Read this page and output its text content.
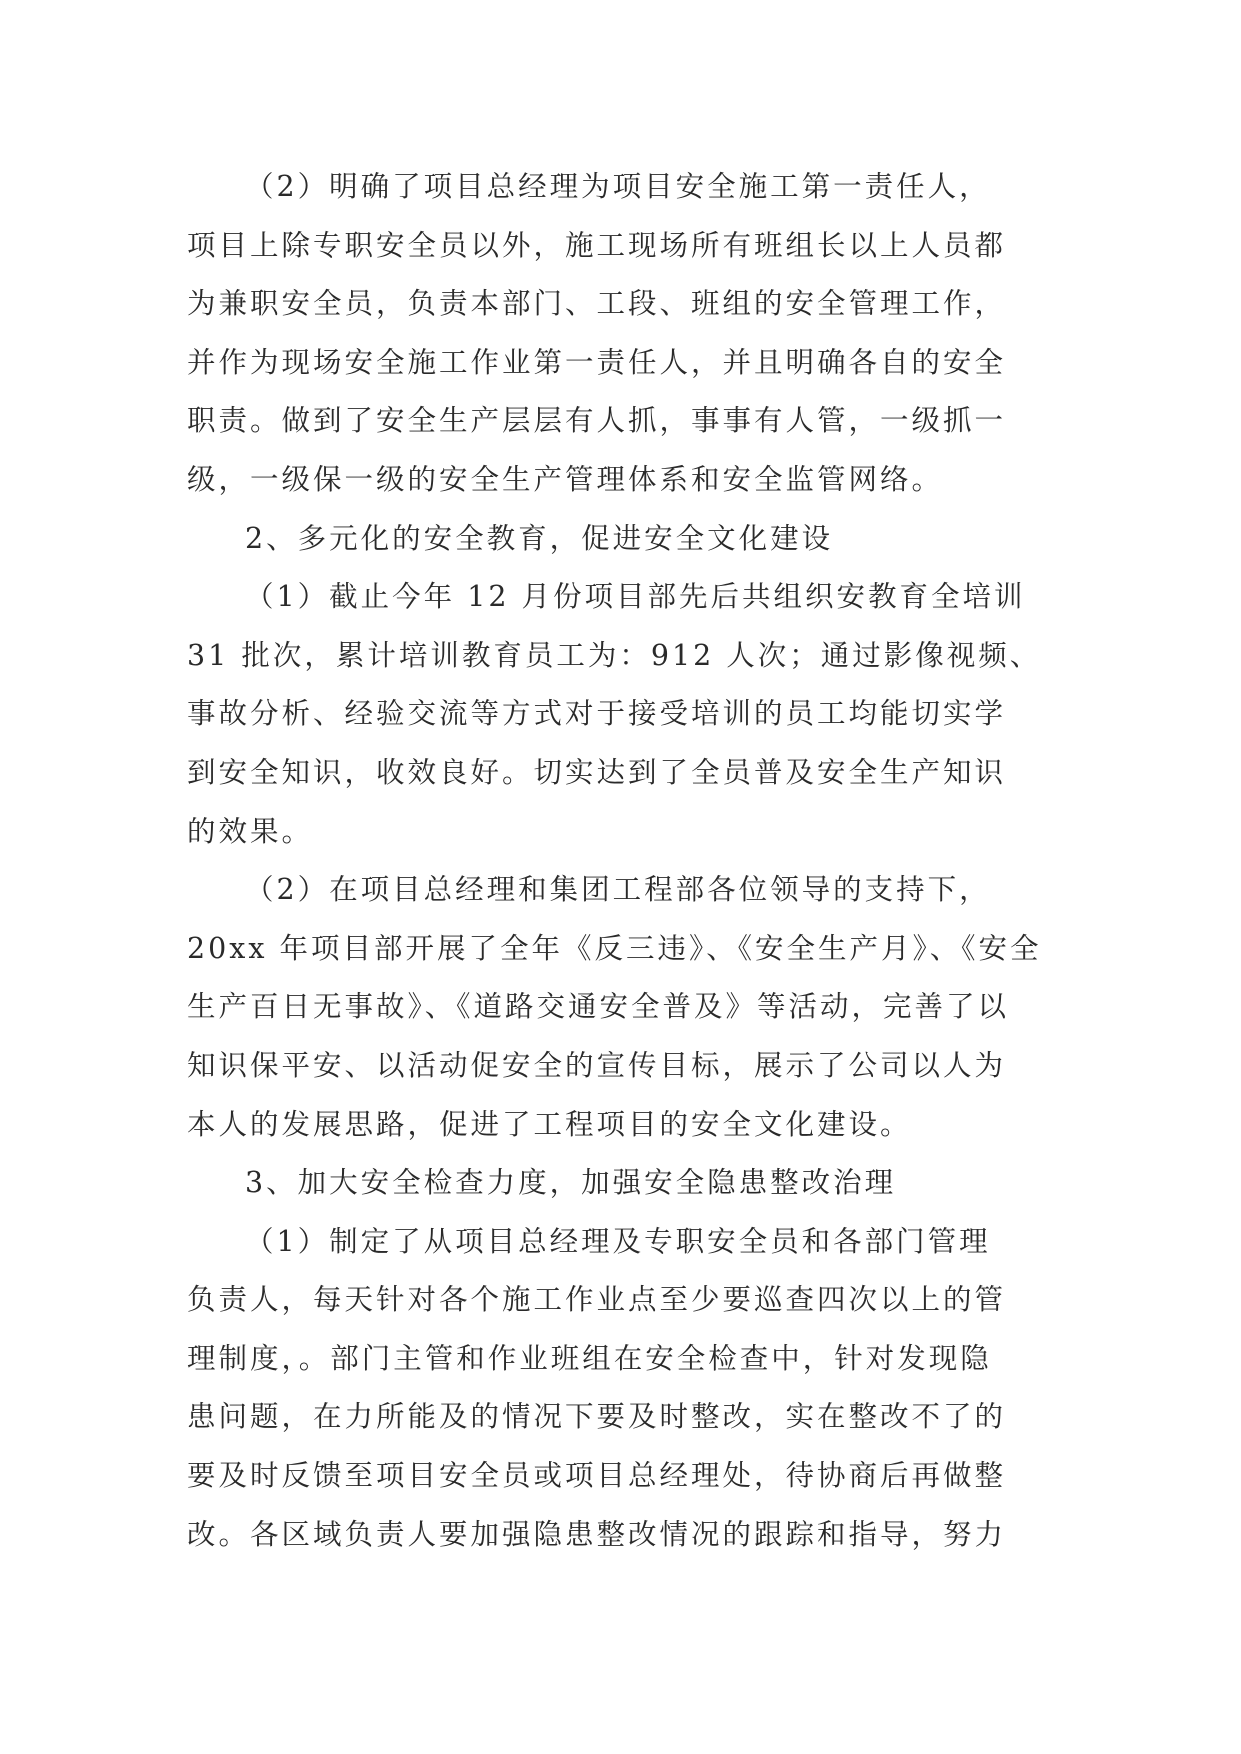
（2）明确了项目总经理为项目安全施工第一责任人，
项目上除专职安全员以外，施工现场所有班组长以上人员都
为兼职安全员，负责本部门、工段、班组的安全管理工作，
并作为现场安全施工作业第一责任人，并且明确各自的安全
职责。做到了安全生产层层有人抓，事事有人管，一级抓一
级，一级保一级的安全生产管理体系和安全监管网络。
2、多元化的安全教育，促进安全文化建设
（1）截止今年 12 月份项目部先后共组织安教育全培训
31 批次，累计培训教育员工为：912 人次；通过影像视频、
事故分析、经验交流等方式对于接受培训的员工均能切实学
到安全知识，收效良好。切实达到了全员普及安全生产知识
的效果。
（2）在项目总经理和集团工程部各位领导的支持下，
20xx 年项目部开展了全年《反三违》、《安全生产月》、《安全
生产百日无事故》、《道路交通安全普及》等活动，完善了以
知识保平安、以活动促安全的宣传目标，展示了公司以人为
本人的发展思路，促进了工程项目的安全文化建设。
3、加大安全检查力度，加强安全隐患整改治理
（1）制定了从项目总经理及专职安全员和各部门管理
负责人，每天针对各个施工作业点至少要巡查四次以上的管
理制度，。部门主管和作业班组在安全检查中，针对发现隐
患问题，在力所能及的情况下要及时整改，实在整改不了的
要及时反馈至项目安全员或项目总经理处，待协商后再做整
改。各区域负责人要加强隐患整改情况的跟踪和指导，努力
